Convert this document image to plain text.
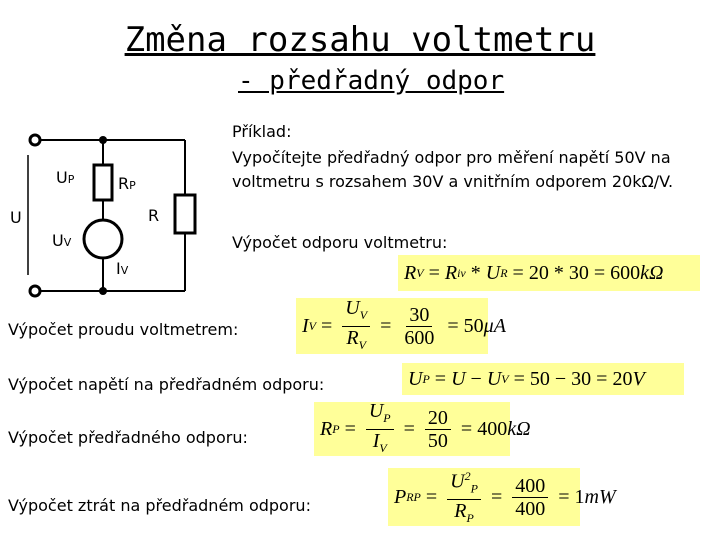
Změna rozsahu voltmetru
- předřadný odpor
U
UP	RP
R
UV
IV
Příklad:
Vypočítejte předřadný odpor pro měření napětí 50V na voltmetru s rozsahem 30V a vnitřním odporem 20kΩ/V.
Výpočet odporu voltmetru:
Výpočet proudu voltmetrem:
Výpočet napětí na předřadném odporu:
Výpočet předřadného odporu:
Výpočet ztrát na předřadném odporu:
R V = R iv * U R = 20 * 30 = 600 kΩ
I $V = \frac{U_V}{R_V} = \frac{30}{600} = 50$ μA
U P = U − U V = 50 − 30 = 20 V
R $P = \frac{U_P}{I_V} = \frac{20}{50} = 400$ kΩ
P RP = $\frac{U^2_P}{R_P} = \frac{400}{400} = 1$ mW
